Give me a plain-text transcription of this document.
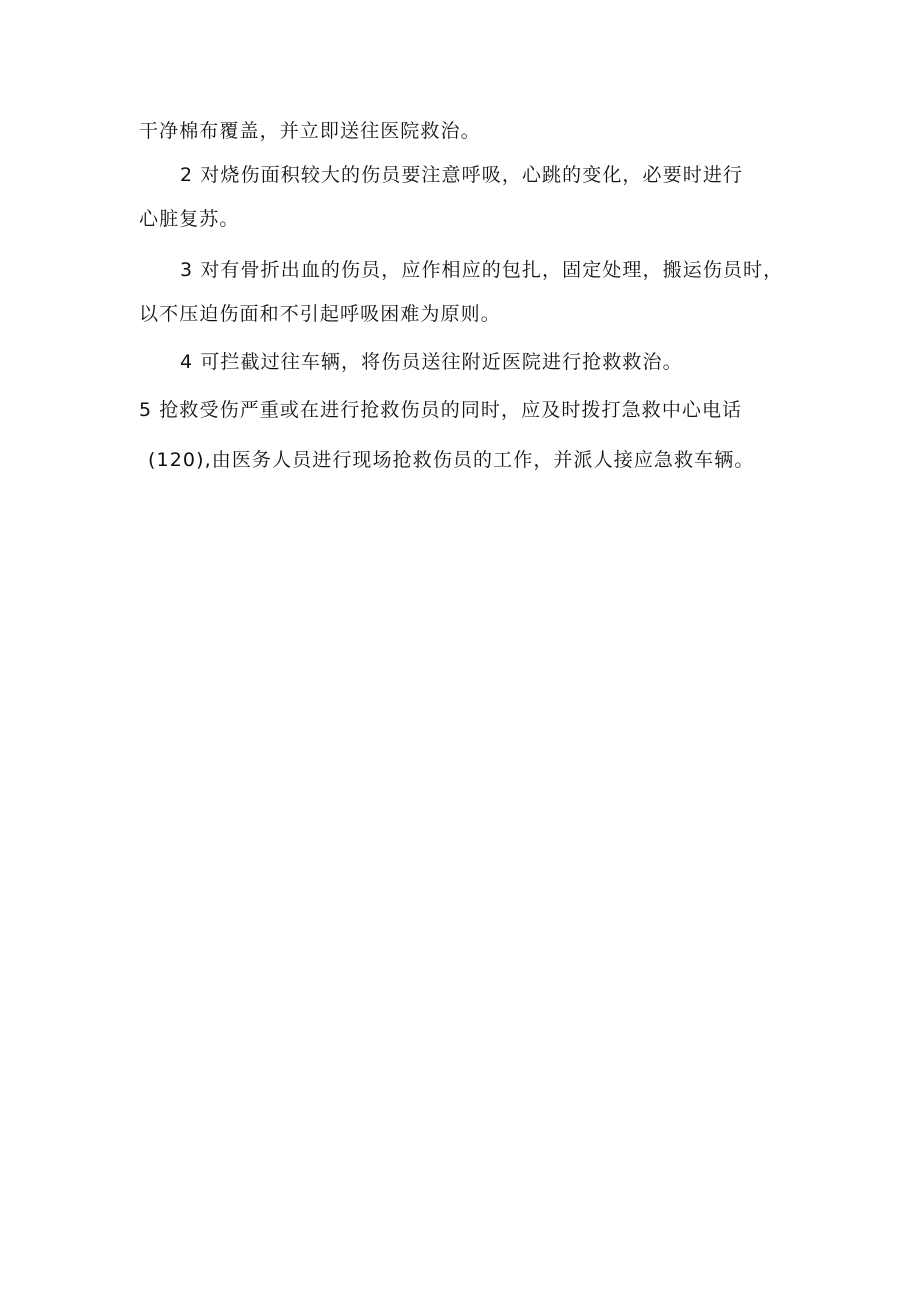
干净棉布覆盖，并立即送往医院救治。
2 对烧伤面积较大的伤员要注意呼吸，心跳的变化，必要时进行
心脏复苏。
3 对有骨折出血的伤员，应作相应的包扎，固定处理，搬运伤员时，
以不压迫伤面和不引起呼吸困难为原则。
4 可拦截过往车辆，将伤员送往附近医院进行抢救救治。
5 抢救受伤严重或在进行抢救伤员的同时，应及时拨打急救中心电话
(120),由医务人员进行现场抢救伤员的工作，并派人接应急救车辆。
